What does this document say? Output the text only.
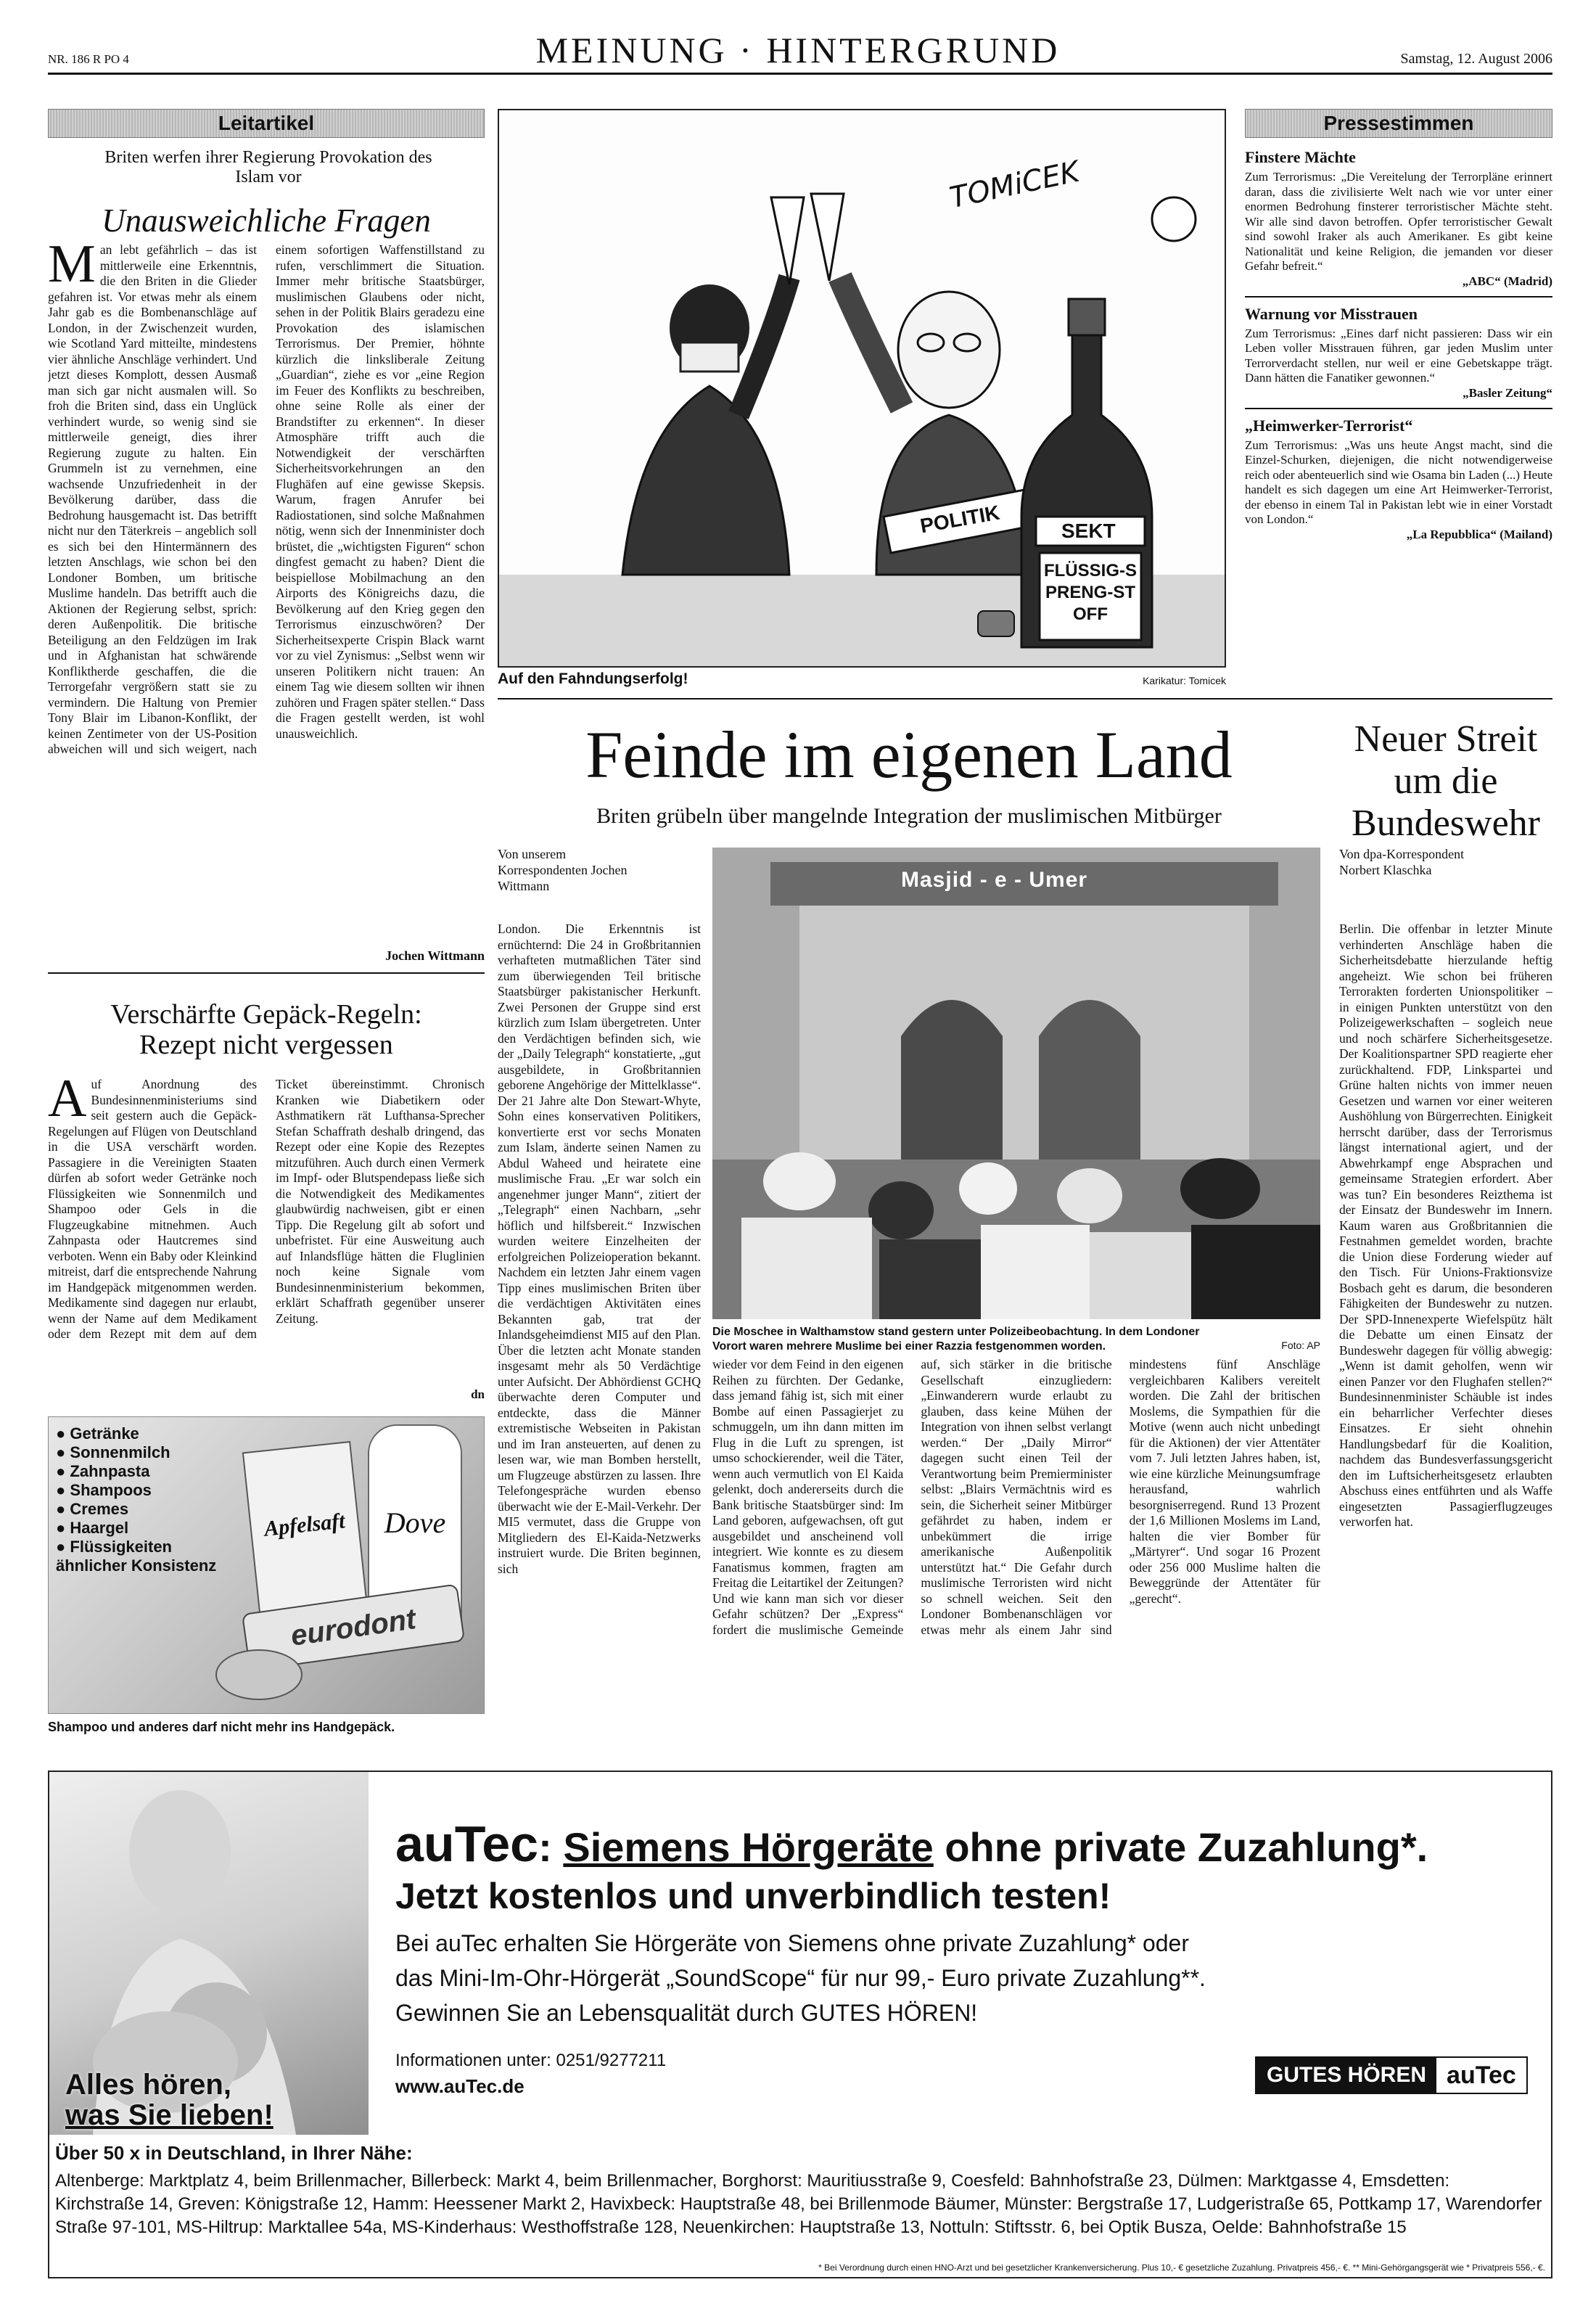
NR. 186 R PO 4	MEINUNG · HINTERGRUND	Samstag, 12. August 2006
Leitartikel
Briten werfen ihrer Regierung Provokation des Islam vor
Unausweichliche Fragen
Man lebt gefährlich – das ist mittlerweile eine Erkenntnis, die den Briten in die Glieder gefahren ist. Vor etwas mehr als einem Jahr gab es die Bombenanschläge auf London, in der Zwischenzeit wurden, wie Scotland Yard mitteilte, mindestens vier ähnliche Anschläge verhindert. Und jetzt dieses Komplott, dessen Ausmaß man sich gar nicht ausmalen will. So froh die Briten sind, dass ein Unglück verhindert wurde, so wenig sind sie mittlerweile geneigt, dies ihrer Regierung zugute zu halten. Ein Grummeln ist zu vernehmen, eine wachsende Unzufriedenheit in der Bevölkerung darüber, dass die Bedrohung hausgemacht ist. Das betrifft nicht nur den Täterkreis – angeblich soll es sich bei den Hintermännern des letzten Anschlags, wie schon bei den Londoner Bomben, um britische Muslime handeln. Das betrifft auch die Aktionen der Regierung selbst, sprich: deren Außenpolitik. Die britische Beteiligung an den Feldzügen im Irak und in Afghanistan hat schwärende Konfliktherde geschaffen, die die Terrorgefahr vergrößern statt sie zu vermindern. Die Haltung von Premier Tony Blair im Libanon-Konflikt, der keinen Zentimeter von der US-Position abweichen will und sich weigert, nach einem sofortigen Waffenstillstand zu rufen, verschlimmert die Situation. Immer mehr britische Staatsbürger, muslimischen Glaubens oder nicht, sehen in der Politik Blairs geradezu eine Provokation des islamischen Terrorismus. Der Premier, höhnte kürzlich die linksliberale Zeitung „Guardian“, ziehe es vor „eine Region im Feuer des Konflikts zu beschreiben, ohne seine Rolle als einer der Brandstifter zu erkennen“. In dieser Atmosphäre trifft auch die Notwendigkeit der verschärften Sicherheitsvorkehrungen an den Flughäfen auf eine gewisse Skepsis. Warum, fragen Anrufer bei Radiostationen, sind solche Maßnahmen nötig, wenn sich der Innenminister doch brüstet, die „wichtigsten Figuren“ schon dingfest gemacht zu haben? Dient die beispiellose Mobilmachung an den Airports des Königreichs dazu, die Bevölkerung auf den Krieg gegen den Terrorismus einzuschwören? Der Sicherheitsexperte Crispin Black warnt vor zu viel Zynismus: „Selbst wenn wir unseren Politikern nicht trauen: An einem Tag wie diesem sollten wir ihnen zuhören und Fragen später stellen.“ Dass die Fragen gestellt werden, ist wohl unausweichlich.
Jochen Wittmann
Verschärfte Gepäck-Regeln:
Rezept nicht vergessen
Auf Anordnung des Bundesinnenministeriums sind seit gestern auch die Gepäck-Regelungen auf Flügen von Deutschland in die USA verschärft worden. Passagiere in die Vereinigten Staaten dürfen ab sofort weder Getränke noch Flüssigkeiten wie Sonnenmilch und Shampoo oder Gels in die Flugzeugkabine mitnehmen. Auch Zahnpasta oder Hautcremes sind verboten. Wenn ein Baby oder Kleinkind mitreist, darf die entsprechende Nahrung im Handgepäck mitgenommen werden. Medikamente sind dagegen nur erlaubt, wenn der Name auf dem Medikament oder dem Rezept mit dem auf dem Ticket übereinstimmt. Chronisch Kranken wie Diabetikern oder Asthmatikern rät Lufthansa-Sprecher Stefan Schaffrath deshalb dringend, das Rezept oder eine Kopie des Rezeptes mitzuführen. Auch durch einen Vermerk im Impf- oder Blutspendepass ließe sich die Notwendigkeit des Medikamentes glaubwürdig nachweisen, gibt er einen Tipp. Die Regelung gilt ab sofort und unbefristet. Für eine Ausweitung auch auf Inlandsflüge hätten die Fluglinien noch keine Signale vom Bundesinnenministerium bekommen, erklärt Schaffrath gegenüber unserer Zeitung.
dn
● Getränke
● Sonnenmilch
● Zahnpasta
● Shampoos
● Cremes
● Haargel
● Flüssigkeiten ähnlicher Konsistenz
Apfelsaft	Dove
eurodont
Shampoo und anderes darf nicht mehr ins Handgepäck.
TOMiCEK
POLITIK	SEKT
FLÜSSIG-SPRENG-STOFF
Auf den Fahndungserfolg!	Karikatur: Tomicek
Pressestimmen
Finstere Mächte
Zum Terrorismus: „Die Vereitelung der Terrorpläne erinnert daran, dass die zivilisierte Welt nach wie vor unter einer enormen Bedrohung finsterer terroristischer Mächte steht. Wir alle sind davon betroffen. Opfer terroristischer Gewalt sind sowohl Iraker als auch Amerikaner. Es gibt keine Nationalität und keine Religion, die jemanden vor dieser Gefahr befreit.“
„ABC“ (Madrid)
Warnung vor Misstrauen
Zum Terrorismus: „Eines darf nicht passieren: Dass wir ein Leben voller Misstrauen führen, gar jeden Muslim unter Terrorverdacht stellen, nur weil er eine Gebetskappe trägt. Dann hätten die Fanatiker gewonnen.“
„Basler Zeitung“
„Heimwerker-Terrorist“
Zum Terrorismus: „Was uns heute Angst macht, sind die Einzel-Schurken, diejenigen, die nicht notwendigerweise reich oder abenteuerlich sind wie Osama bin Laden (...) Heute handelt es sich dagegen um eine Art Heimwerker-Terrorist, der ebenso in einem Tal in Pakistan lebt wie in einer Vorstadt von London.“
„La Repubblica“ (Mailand)
Feinde im eigenen Land
Briten grübeln über mangelnde Integration der muslimischen Mitbürger
Von unserem Korrespondenten Jochen Wittmann	Masjid - e - Umer
Die Moschee in Walthamstow stand gestern unter Polizeibeobachtung. In dem Londoner Vorort waren mehrere Muslime bei einer Razzia festgenommen worden.	Foto: AP
London. Die Erkenntnis ist ernüchternd: Die 24 in Großbritannien verhafteten mutmaßlichen Täter sind zum überwiegenden Teil britische Staatsbürger pakistanischer Herkunft. Zwei Personen der Gruppe sind erst kürzlich zum Islam übergetreten. Unter den Verdächtigen befinden sich, wie der „Daily Telegraph“ konstatierte, „gut ausgebildete, in Großbritannien geborene Angehörige der Mittelklasse“. Der 21 Jahre alte Don Stewart-Whyte, Sohn eines konservativen Politikers, konvertierte erst vor sechs Monaten zum Islam, änderte seinen Namen zu Abdul Waheed und heiratete eine muslimische Frau. „Er war solch ein angenehmer junger Mann“, zitiert der „Telegraph“ einen Nachbarn, „sehr höflich und hilfsbereit.“ Inzwischen wurden weitere Einzelheiten der erfolgreichen Polizeioperation bekannt. Nachdem ein letzten Jahr einem vagen Tipp eines muslimischen Briten über die verdächtigen Aktivitäten eines Bekannten gab, trat der Inlandsgeheimdienst MI5 auf den Plan. Über die letzten acht Monate standen insgesamt mehr als 50 Verdächtige unter Aufsicht. Der Abhördienst GCHQ überwachte deren Computer und entdeckte, dass die Männer extremistische Webseiten in Pakistan und im Iran ansteuerten, auf denen zu lesen war, wie man Bomben herstellt, um Flugzeuge abstürzen zu lassen. Ihre Telefongespräche wurden ebenso überwacht wie der E-Mail-Verkehr. Der MI5 vermutet, dass die Gruppe von Mitgliedern des El-Kaida-Netzwerks instruiert wurde. Die Briten beginnen, sich
wieder vor dem Feind in den eigenen Reihen zu fürchten. Der Gedanke, dass jemand fähig ist, sich mit einer Bombe auf einen Passagierjet zu schmuggeln, um ihn dann mitten im Flug in die Luft zu sprengen, ist umso schockierender, weil die Täter, wenn auch vermutlich von El Kaida gelenkt, doch andererseits durch die Bank britische Staatsbürger sind: Im Land geboren, aufgewachsen, oft gut ausgebildet und anscheinend voll integriert. Wie konnte es zu diesem Fanatismus kommen, fragten am Freitag die Leitartikel der Zeitungen? Und wie kann man sich vor dieser Gefahr schützen? Der „Express“ fordert die muslimische Gemeinde auf, sich stärker in die britische Gesellschaft einzugliedern: „Einwanderern wurde erlaubt zu glauben, dass keine Mühen der Integration von ihnen selbst verlangt werden.“ Der „Daily Mirror“ dagegen sucht einen Teil der Verantwortung beim Premierminister selbst: „Blairs Vermächtnis wird es sein, die Sicherheit seiner Mitbürger gefährdet zu haben, indem er unbekümmert die irrige amerikanische Außenpolitik unterstützt hat.“ Die Gefahr durch muslimische Terroristen wird nicht so schnell weichen. Seit den Londoner Bombenanschlägen vor etwas mehr als einem Jahr sind mindestens fünf Anschläge vergleichbaren Kalibers vereitelt worden. Die Zahl der britischen Moslems, die Sympathien für die Motive (wenn auch nicht unbedingt für die Aktionen) der vier Attentäter vom 7. Juli letzten Jahres haben, ist, wie eine kürzliche Meinungsumfrage herausfand, wahrlich besorgniserregend. Rund 13 Prozent der 1,6 Millionen Moslems im Land, halten die vier Bomber für „Märtyrer“. Und sogar 16 Prozent oder 256 000 Muslime halten die Beweggründe der Attentäter für „gerecht“.
Neuer Streit um die Bundeswehr
Von dpa-Korrespondent Norbert Klaschka
Berlin. Die offenbar in letzter Minute verhinderten Anschläge haben die Sicherheitsdebatte hierzulande heftig angeheizt. Wie schon bei früheren Terrorakten forderten Unionspolitiker – in einigen Punkten unterstützt von den Polizeigewerkschaften – sogleich neue und noch schärfere Sicherheitsgesetze. Der Koalitionspartner SPD reagierte eher zurückhaltend. FDP, Linkspartei und Grüne halten nichts von immer neuen Gesetzen und warnen vor einer weiteren Aushöhlung von Bürgerrechten. Einigkeit herrscht darüber, dass der Terrorismus längst international agiert, und der Abwehrkampf enge Absprachen und gemeinsame Strategien erfordert. Aber was tun? Ein besonderes Reizthema ist der Einsatz der Bundeswehr im Innern. Kaum waren aus Großbritannien die Festnahmen gemeldet worden, brachte die Union diese Forderung wieder auf den Tisch. Für Unions-Fraktionsvize Bosbach geht es darum, die besonderen Fähigkeiten der Bundeswehr zu nutzen. Der SPD-Innenexperte Wiefelspütz hält die Debatte um einen Einsatz der Bundeswehr dagegen für völlig abwegig: „Wenn ist damit geholfen, wenn wir einen Panzer vor den Flughafen stellen?“ Bundesinnenminister Schäuble ist indes ein beharrlicher Verfechter dieses Einsatzes. Er sieht ohnehin Handlungsbedarf für die Koalition, nachdem das Bundesverfassungsgericht den im Luftsicherheitsgesetz erlaubten Abschuss eines entführten und als Waffe eingesetzten Passagierflugzeuges verworfen hat.
Alles hören,
was Sie lieben!
auTec: Siemens Hörgeräte ohne private Zuzahlung*.
Jetzt kostenlos und unverbindlich testen!
Bei auTec erhalten Sie Hörgeräte von Siemens ohne private Zuzahlung* oder
das Mini-Im-Ohr-Hörgerät „SoundScope“ für nur 99,- Euro private Zuzahlung**.
Gewinnen Sie an Lebensqualität durch GUTES HÖREN!
Informationen unter: 0251/9277211
www.auTec.de	GUTES HÖREN auTec
Über 50 x in Deutschland, in Ihrer Nähe:
Altenberge: Marktplatz 4, beim Brillenmacher, Billerbeck: Markt 4, beim Brillenmacher, Borghorst: Mauritiusstraße 9, Coesfeld: Bahnhofstraße 23, Dülmen: Marktgasse 4, Emsdetten: Kirchstraße 14, Greven: Königstraße 12, Hamm: Heessener Markt 2, Havixbeck: Hauptstraße 48, bei Brillenmode Bäumer, Münster: Bergstraße 17, Ludgeristraße 65, Pottkamp 17, Warendorfer Straße 97-101, MS-Hiltrup: Marktallee 54a, MS-Kinderhaus: Westhoffstraße 128, Neuenkirchen: Hauptstraße 13, Nottuln: Stiftsstr. 6, bei Optik Busza, Oelde: Bahnhofstraße 15
* Bei Verordnung durch einen HNO-Arzt und bei gesetzlicher Krankenversicherung. Plus 10,- € gesetzliche Zuzahlung. Privatpreis 456,- €. ** Mini-Gehörgangsgerät wie * Privatpreis 556,- €.
